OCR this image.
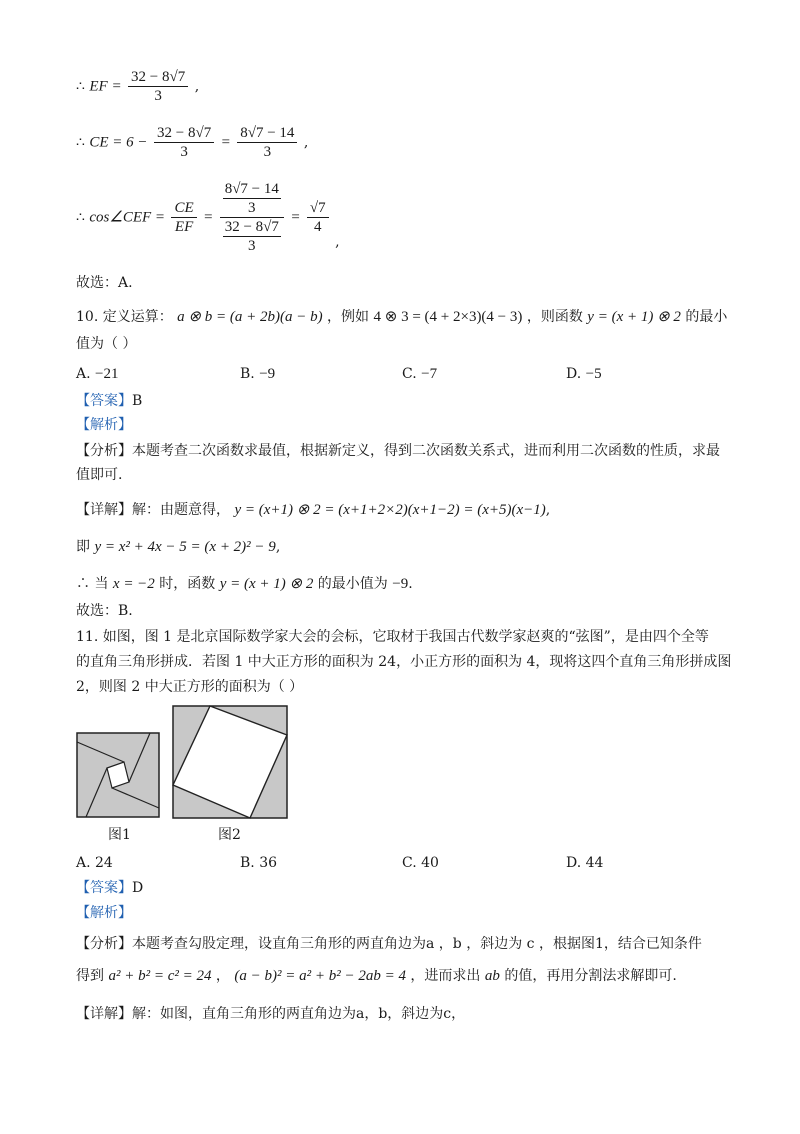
∴ EF = $\frac{32 - 8√7}{3}$ ,
∴ CE = $6 - \frac{32 - 8√7}{3} = \frac{8√7 - 14}{3}$ ,
∴ cos∠CEF = $\frac{CE}{EF} = 8√7 - 14$
3
32 − 8√7
$3 = \frac{√7}{4}$
,
故选：A.
10. 定义运算： a ⊗ b = (a + 2b)(a − b) ，例如 4 ⊗ 3 = (4 + 2×3)(4 − 3) ，则函数 y = (x + 1) ⊗ 2 的最小
值为（ ）
A. −21	B. −9	C. −7	D. −5
【答案】B
【解析】
【分析】本题考查二次函数求最值，根据新定义，得到二次函数关系式，进而利用二次函数的性质，求最
值即可.
【详解】解：由题意得， y = (x+1) ⊗ 2 = (x+1+2×2)(x+1−2) = (x+5)(x−1),
即 y = x² + 4x − 5 = (x + 2)² − 9,
∴ 当 x = −2 时，函数 y = (x + 1) ⊗ 2 的最小值为 −9.
故选：B.
11. 如图，图 1 是北京国际数学家大会的会标，它取材于我国古代数学家赵爽的“弦图”，是由四个全等
的直角三角形拼成．若图 1 中大正方形的面积为 24，小正方形的面积为 4，现将这四个直角三角形拼成图
2，则图 2 中大正方形的面积为（ ）
图1	图2
A. 24	B. 36	C. 40	D. 44
【答案】D
【解析】
【分析】本题考查勾股定理，设直角三角形的两直角边为a ，b ，斜边为 c ，根据图1，结合已知条件
得到 a² + b² = c² = 24 ， (a − b)² = a² + b² − 2ab = 4 ，进而求出 ab 的值，再用分割法求解即可.
【详解】解：如图，直角三角形的两直角边为a，b，斜边为c，
